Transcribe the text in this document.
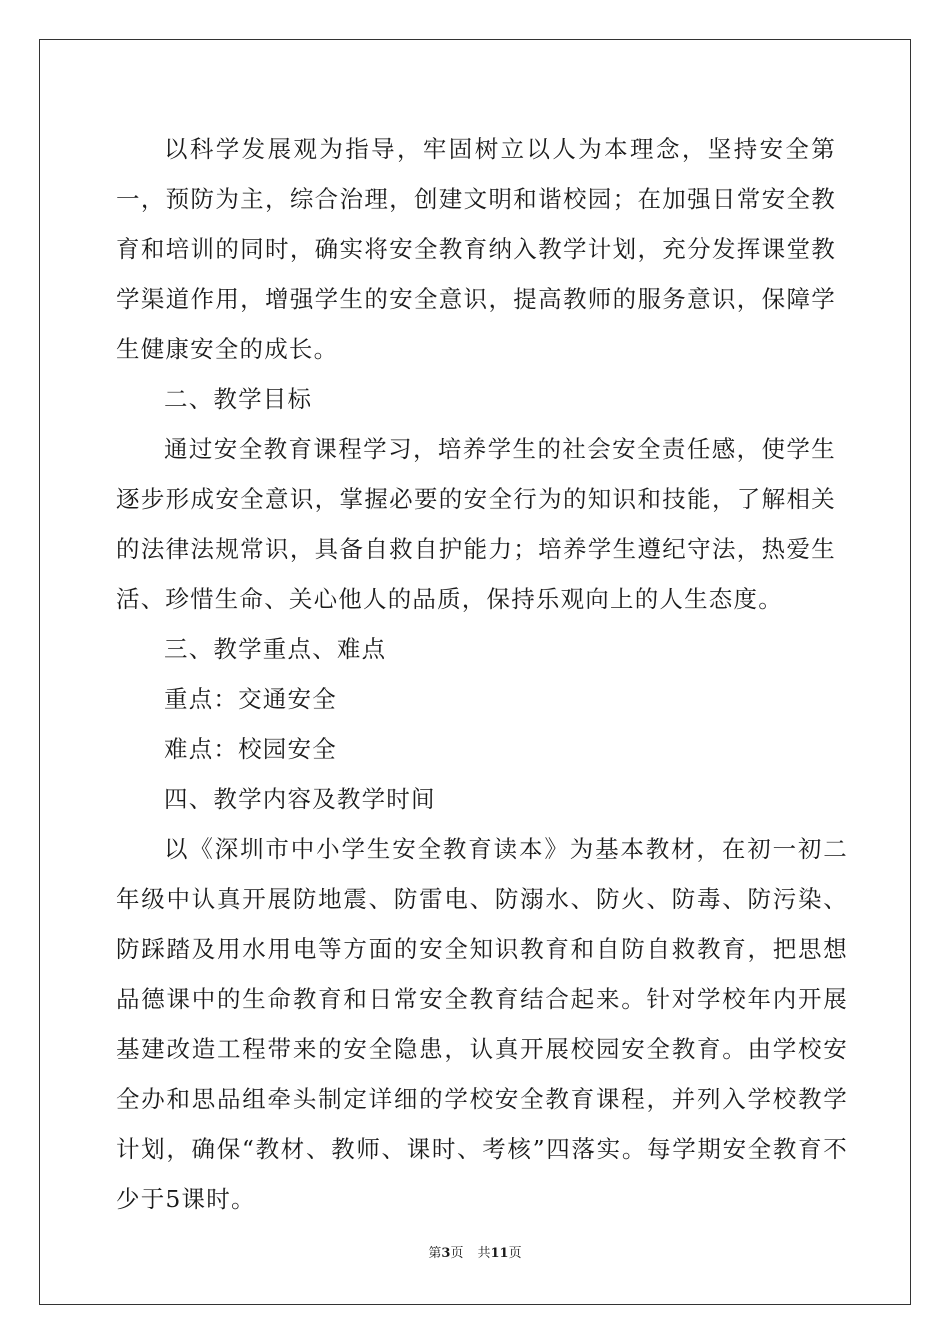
以科学发展观为指导，牢固树立以人为本理念，坚持安全第一，预防为主，综合治理，创建文明和谐校园；在加强日常安全教育和培训的同时，确实将安全教育纳入教学计划，充分发挥课堂教学渠道作用，增强学生的安全意识，提高教师的服务意识，保障学生健康安全的成长。

二、教学目标

通过安全教育课程学习，培养学生的社会安全责任感，使学生逐步形成安全意识，掌握必要的安全行为的知识和技能，了解相关的法律法规常识，具备自救自护能力；培养学生遵纪守法，热爱生活、珍惜生命、关心他人的品质，保持乐观向上的人生态度。

三、教学重点、难点

重点：交通安全

难点：校园安全

四、教学内容及教学时间

以《深圳市中小学生安全教育读本》为基本教材，在初一初二年级中认真开展防地震、防雷电、防溺水、防火、防毒、防污染、防踩踏及用水用电等方面的安全知识教育和自防自救教育，把思想品德课中的生命教育和日常安全教育结合起来。针对学校年内开展基建改造工程带来的安全隐患，认真开展校园安全教育。由学校安全办和思品组牵头制定详细的学校安全教育课程，并列入学校教学计划，确保“教材、教师、课时、考核”四落实。每学期安全教育不少于5课时。

第3页 共11页
